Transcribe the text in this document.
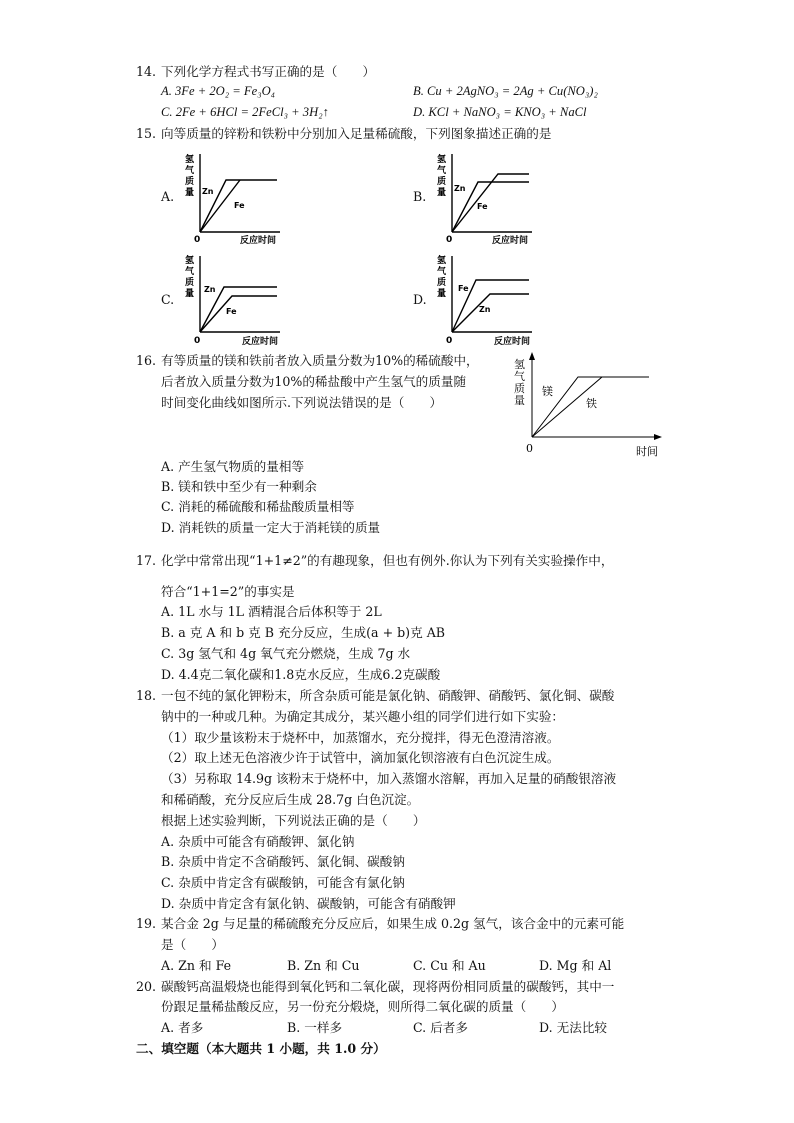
14. 下列化学方程式书写正确的是（　　）
A. 3Fe + 2O₂ = Fe₃O₄	B. Cu + 2AgNO₃ = 2Ag + Cu(NO₃)₂
C. 2Fe + 6HCl = 2FeCl₃ + 3H₂↑	D. KCl + NaNO₃ = KNO₃ + NaCl
15. 向等质量的锌粉和铁粉中分别加入足量稀硫酸，下列图象描述正确的是
A.
氢
气
质
量 Zn
Fe
0	反应时间
B.
氢
气
质
量 Zn
Fe
0	反应时间
C.
氢
气
质
量 Zn
Fe
0	反应时间
D.
氢
气
质
量
Fe
Zn
0	反应时间
16. 有等质量的镁和铁前者放入质量分数为10%的稀硫酸中，
后者放入质量分数为10%的稀盐酸中产生氢气的质量随
时间变化曲线如图所示.下列说法错误的是（　　）
氢
气
质
量
镁
铁
0	时间
A. 产生氢气物质的量相等
B. 镁和铁中至少有一种剩余
C. 消耗的稀硫酸和稀盐酸质量相等
D. 消耗铁的质量一定大于消耗镁的质量
17. 化学中常常出现“1+1≠2”的有趣现象，但也有例外.你认为下列有关实验操作中，
符合“1+1=2”的事实是
A. 1L 水与 1L 酒精混合后体积等于 2L
B. a 克 A 和 b 克 B 充分反应，生成(a + b)克 AB
C. 3g 氢气和 4g 氧气充分燃烧，生成 7g 水
D. 4.4克二氧化碳和1.8克水反应，生成6.2克碳酸
18. 一包不纯的氯化钾粉末，所含杂质可能是氯化钠、硝酸钾、硝酸钙、氯化铜、碳酸
钠中的一种或几种。为确定其成分，某兴趣小组的同学们进行如下实验：
（1）取少量该粉末于烧杯中，加蒸馏水，充分搅拌，得无色澄清溶液。
（2）取上述无色溶液少许于试管中，滴加氯化钡溶液有白色沉淀生成。
（3）另称取 14.9g 该粉末于烧杯中，加入蒸馏水溶解，再加入足量的硝酸银溶液
和稀硝酸，充分反应后生成 28.7g 白色沉淀。
根据上述实验判断，下列说法正确的是（　　）
A. 杂质中可能含有硝酸钾、氯化钠
B. 杂质中肯定不含硝酸钙、氯化铜、碳酸钠
C. 杂质中肯定含有碳酸钠，可能含有氯化钠
D. 杂质中肯定含有氯化钠、碳酸钠，可能含有硝酸钾
19. 某合金 2g 与足量的稀硫酸充分反应后，如果生成 0.2g 氢气，该合金中的元素可能
是（　　）
A. Zn 和 Fe	B. Zn 和 Cu	C. Cu 和 Au	D. Mg 和 Al
20. 碳酸钙高温煅烧也能得到氧化钙和二氧化碳，现将两份相同质量的碳酸钙，其中一
份跟足量稀盐酸反应，另一份充分煅烧，则所得二氧化碳的质量（　　）
A. 者多	B. 一样多	C. 后者多	D. 无法比较
二、填空题（本大题共 1 小题，共 1.0 分）
